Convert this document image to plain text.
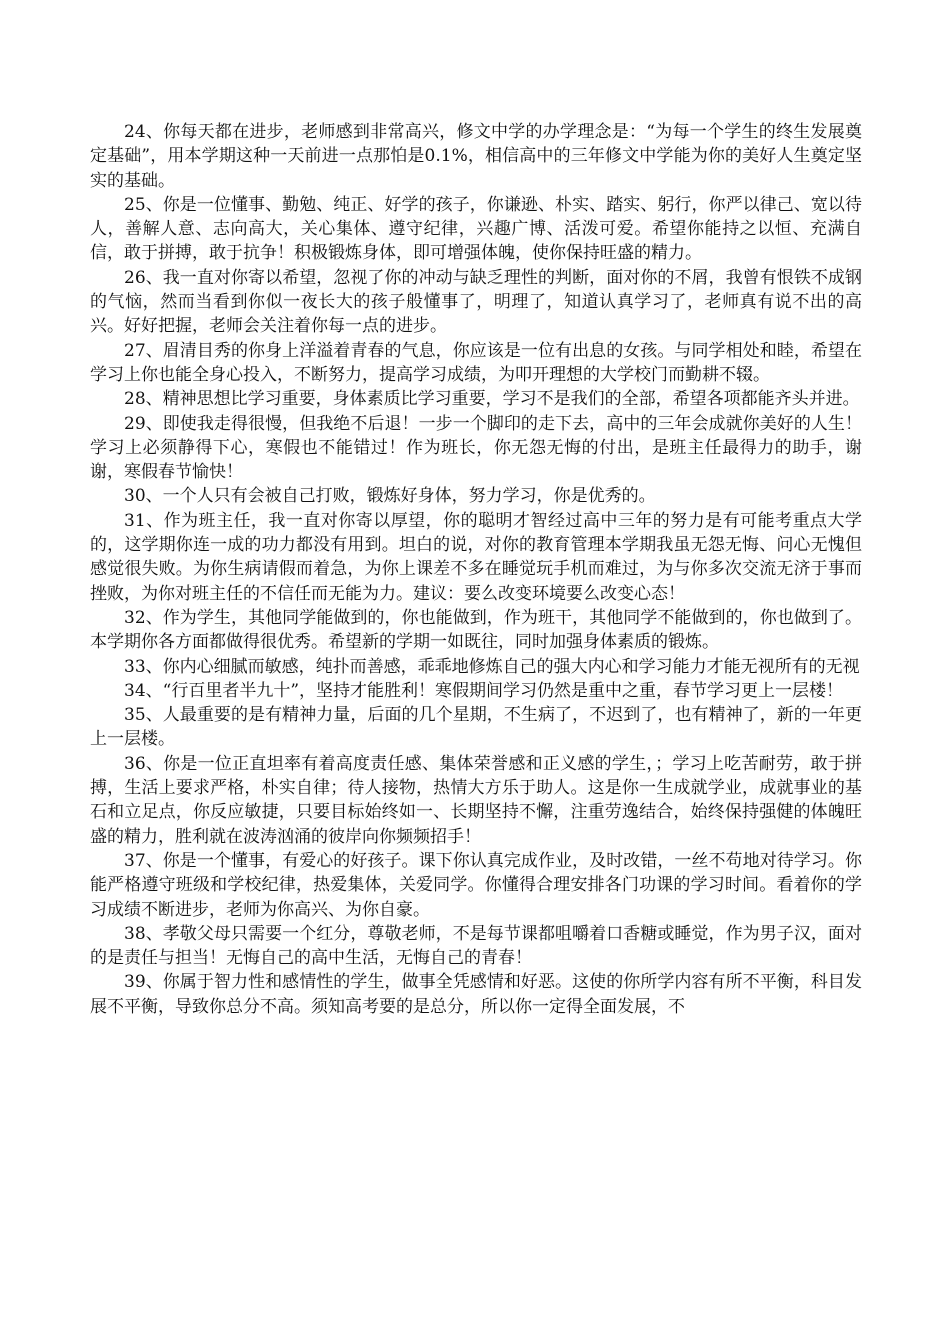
24、你每天都在进步，老师感到非常高兴，修文中学的办学理念是：“为每一个学生的终生发展奠定基础”，用本学期这种一天前进一点那怕是0.1%，相信高中的三年修文中学能为你的美好人生奠定坚实的基础。

25、你是一位懂事、勤勉、纯正、好学的孩子，你谦逊、朴实、踏实、躬行，你严以律己、宽以待人，善解人意、志向高大，关心集体、遵守纪律，兴趣广博、活泼可爱。希望你能持之以恒、充满自信，敢于拼搏，敢于抗争！积极锻炼身体，即可增强体魄，使你保持旺盛的精力。

26、我一直对你寄以希望，忽视了你的冲动与缺乏理性的判断，面对你的不屑，我曾有恨铁不成钢的气恼，然而当看到你似一夜长大的孩子般懂事了，明理了，知道认真学习了，老师真有说不出的高兴。好好把握，老师会关注着你每一点的进步。

27、眉清目秀的你身上洋溢着青春的气息，你应该是一位有出息的女孩。与同学相处和睦，希望在学习上你也能全身心投入，不断努力，提高学习成绩，为叩开理想的大学校门而勤耕不辍。

28、精神思想比学习重要，身体素质比学习重要，学习不是我们的全部，希望各项都能齐头并进。

29、即使我走得很慢，但我绝不后退！一步一个脚印的走下去，高中的三年会成就你美好的人生！学习上必须静得下心，寒假也不能错过！作为班长，你无怨无悔的付出，是班主任最得力的助手，谢谢，寒假春节愉快！

30、一个人只有会被自己打败，锻炼好身体，努力学习，你是优秀的。

31、作为班主任，我一直对你寄以厚望，你的聪明才智经过高中三年的努力是有可能考重点大学的，这学期你连一成的功力都没有用到。坦白的说，对你的教育管理本学期我虽无怨无悔、问心无愧但感觉很失败。为你生病请假而着急，为你上课差不多在睡觉玩手机而难过，为与你多次交流无济于事而挫败，为你对班主任的不信任而无能为力。建议：要么改变环境要么改变心态！

32、作为学生，其他同学能做到的，你也能做到，作为班干，其他同学不能做到的，你也做到了。本学期你各方面都做得很优秀。希望新的学期一如既往，同时加强身体素质的锻炼。

33、你内心细腻而敏感，纯扑而善感，乖乖地修炼自己的强大内心和学习能力才能无视所有的无视

34、“行百里者半九十”，坚持才能胜利！寒假期间学习仍然是重中之重，春节学习更上一层楼！

35、人最重要的是有精神力量，后面的几个星期，不生病了，不迟到了，也有精神了，新的一年更上一层楼。

36、你是一位正直坦率有着高度责任感、集体荣誉感和正义感的学生，；学习上吃苦耐劳，敢于拼搏，生活上要求严格，朴实自律；待人接物，热情大方乐于助人。这是你一生成就学业，成就事业的基石和立足点，你反应敏捷，只要目标始终如一、长期坚持不懈，注重劳逸结合，始终保持强健的体魄旺盛的精力，胜利就在波涛汹涌的彼岸向你频频招手！

37、你是一个懂事，有爱心的好孩子。课下你认真完成作业，及时改错，一丝不苟地对待学习。你能严格遵守班级和学校纪律，热爱集体，关爱同学。你懂得合理安排各门功课的学习时间。看着你的学习成绩不断进步，老师为你高兴、为你自豪。

38、孝敬父母只需要一个红分，尊敬老师，不是每节课都咀嚼着口香糖或睡觉，作为男子汉，面对的是责任与担当！无悔自己的高中生活，无悔自己的青春！

39、你属于智力性和感情性的学生，做事全凭感情和好恶。这使的你所学内容有所不平衡，科目发展不平衡，导致你总分不高。须知高考要的是总分，所以你一定得全面发展，不
